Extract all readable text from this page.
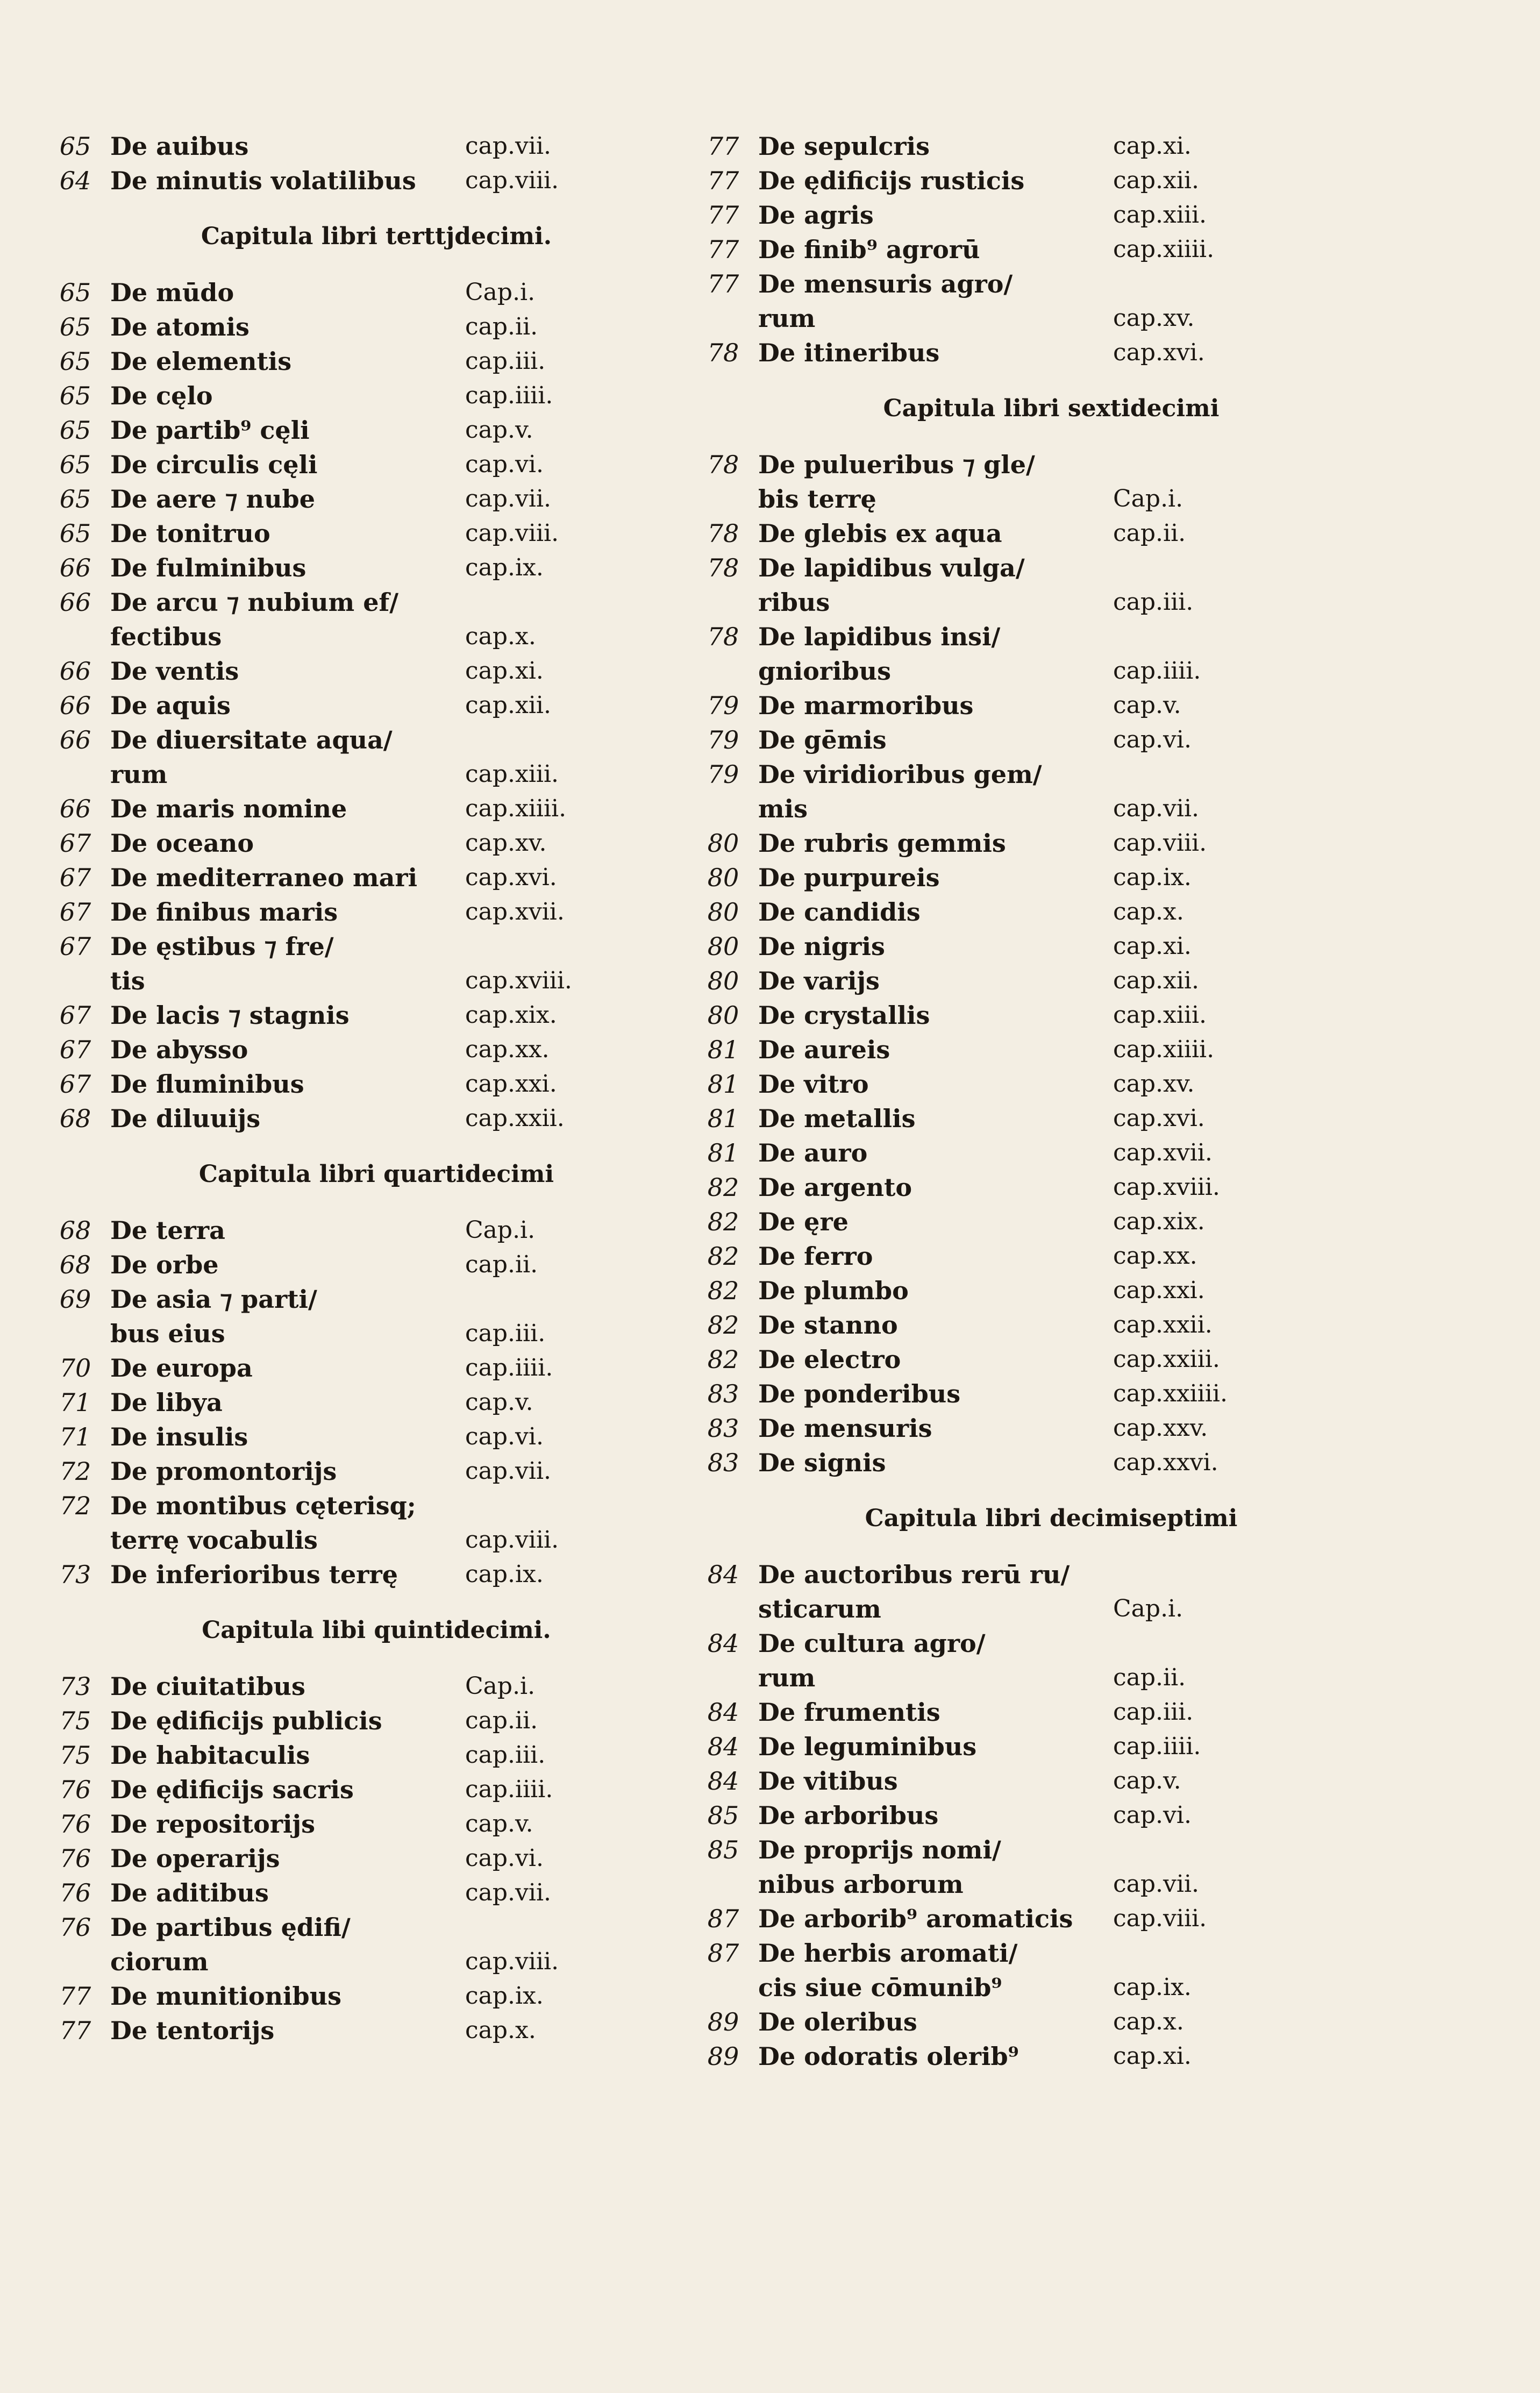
65 De auibus	cap.vii.
64 De minutis volatilibus	cap.viii.
Capitula libri terttjdecimi.
65 De mūdo	Cap.i.
65 De atomis	cap.ii.
65 De elementis	cap.iii.
65 De cęlo	cap.iiii.
65 De partib⁹ cęli	cap.v.
65 De circulis cęli	cap.vi.
65 De aere ⁊ nube	cap.vii.
65 De tonitruo	cap.viii.
66 De fulminibus	cap.ix.
66 De arcu ⁊ nubium ef/
fectibus	cap.x.
66 De ventis	cap.xi.
66 De aquis	cap.xii.
66 De diuersitate aqua/
rum	cap.xiii.
66 De maris nomine	cap.xiiii.
67 De oceano	cap.xv.
67 De mediterraneo mari	cap.xvi.
67 De finibus maris	cap.xvii.
67 De ęstibus ⁊ fre/
tis	cap.xviii.
67 De lacis ⁊ stagnis	cap.xix.
67 De abysso	cap.xx.
67 De fluminibus	cap.xxi.
68 De diluuijs	cap.xxii.
Capitula libri quartidecimi
68 De terra	Cap.i.
68 De orbe	cap.ii.
69 De asia ⁊ parti/
bus eius	cap.iii.
70 De europa	cap.iiii.
71 De libya	cap.v.
71 De insulis	cap.vi.
72 De promontorijs	cap.vii.
72 De montibus cęterisq;
terrę vocabulis	cap.viii.
73 De inferioribus terrę	cap.ix.
Capitula libi quintidecimi.
73 De ciuitatibus	Cap.i.
75 De ędificijs publicis	cap.ii.
75 De habitaculis	cap.iii.
76 De ędificijs sacris	cap.iiii.
76 De repositorijs	cap.v.
76 De operarijs	cap.vi.
76 De aditibus	cap.vii.
76 De partibus ędifi/
ciorum	cap.viii.
77 De munitionibus	cap.ix.
77 De tentorijs	cap.x.
77 De sepulcris	cap.xi.
77 De ędificijs rusticis	cap.xii.
77 De agris	cap.xiii.
77 De finib⁹ agrorū	cap.xiiii.
77 De mensuris agro/
rum	cap.xv.
78 De itineribus	cap.xvi.
Capitula libri sextidecimi
78 De pulueribus ⁊ gle/
bis terrę	Cap.i.
78 De glebis ex aqua	cap.ii.
78 De lapidibus vulga/
ribus	cap.iii.
78 De lapidibus insi/
gnioribus	cap.iiii.
79 De marmoribus	cap.v.
79 De gēmis	cap.vi.
79 De viridioribus gem/
mis	cap.vii.
80 De rubris gemmis	cap.viii.
80 De purpureis	cap.ix.
80 De candidis	cap.x.
80 De nigris	cap.xi.
80 De varijs	cap.xii.
80 De crystallis	cap.xiii.
81 De aureis	cap.xiiii.
81 De vitro	cap.xv.
81 De metallis	cap.xvi.
81 De auro	cap.xvii.
82 De argento	cap.xviii.
82 De ęre	cap.xix.
82 De ferro	cap.xx.
82 De plumbo	cap.xxi.
82 De stanno	cap.xxii.
82 De electro	cap.xxiii.
83 De ponderibus	cap.xxiiii.
83 De mensuris	cap.xxv.
83 De signis	cap.xxvi.
Capitula libri decimiseptimi
84 De auctoribus rerū ru/
sticarum	Cap.i.
84 De cultura agro/
rum	cap.ii.
84 De frumentis	cap.iii.
84 De leguminibus	cap.iiii.
84 De vitibus	cap.v.
85 De arboribus	cap.vi.
85 De proprijs nomi/
nibus arborum	cap.vii.
87 De arborib⁹ aromaticis	cap.viii.
87 De herbis aromati/
cis siue cōmunib⁹	cap.ix.
89 De oleribus	cap.x.
89 De odoratis olerib⁹	cap.xi.
